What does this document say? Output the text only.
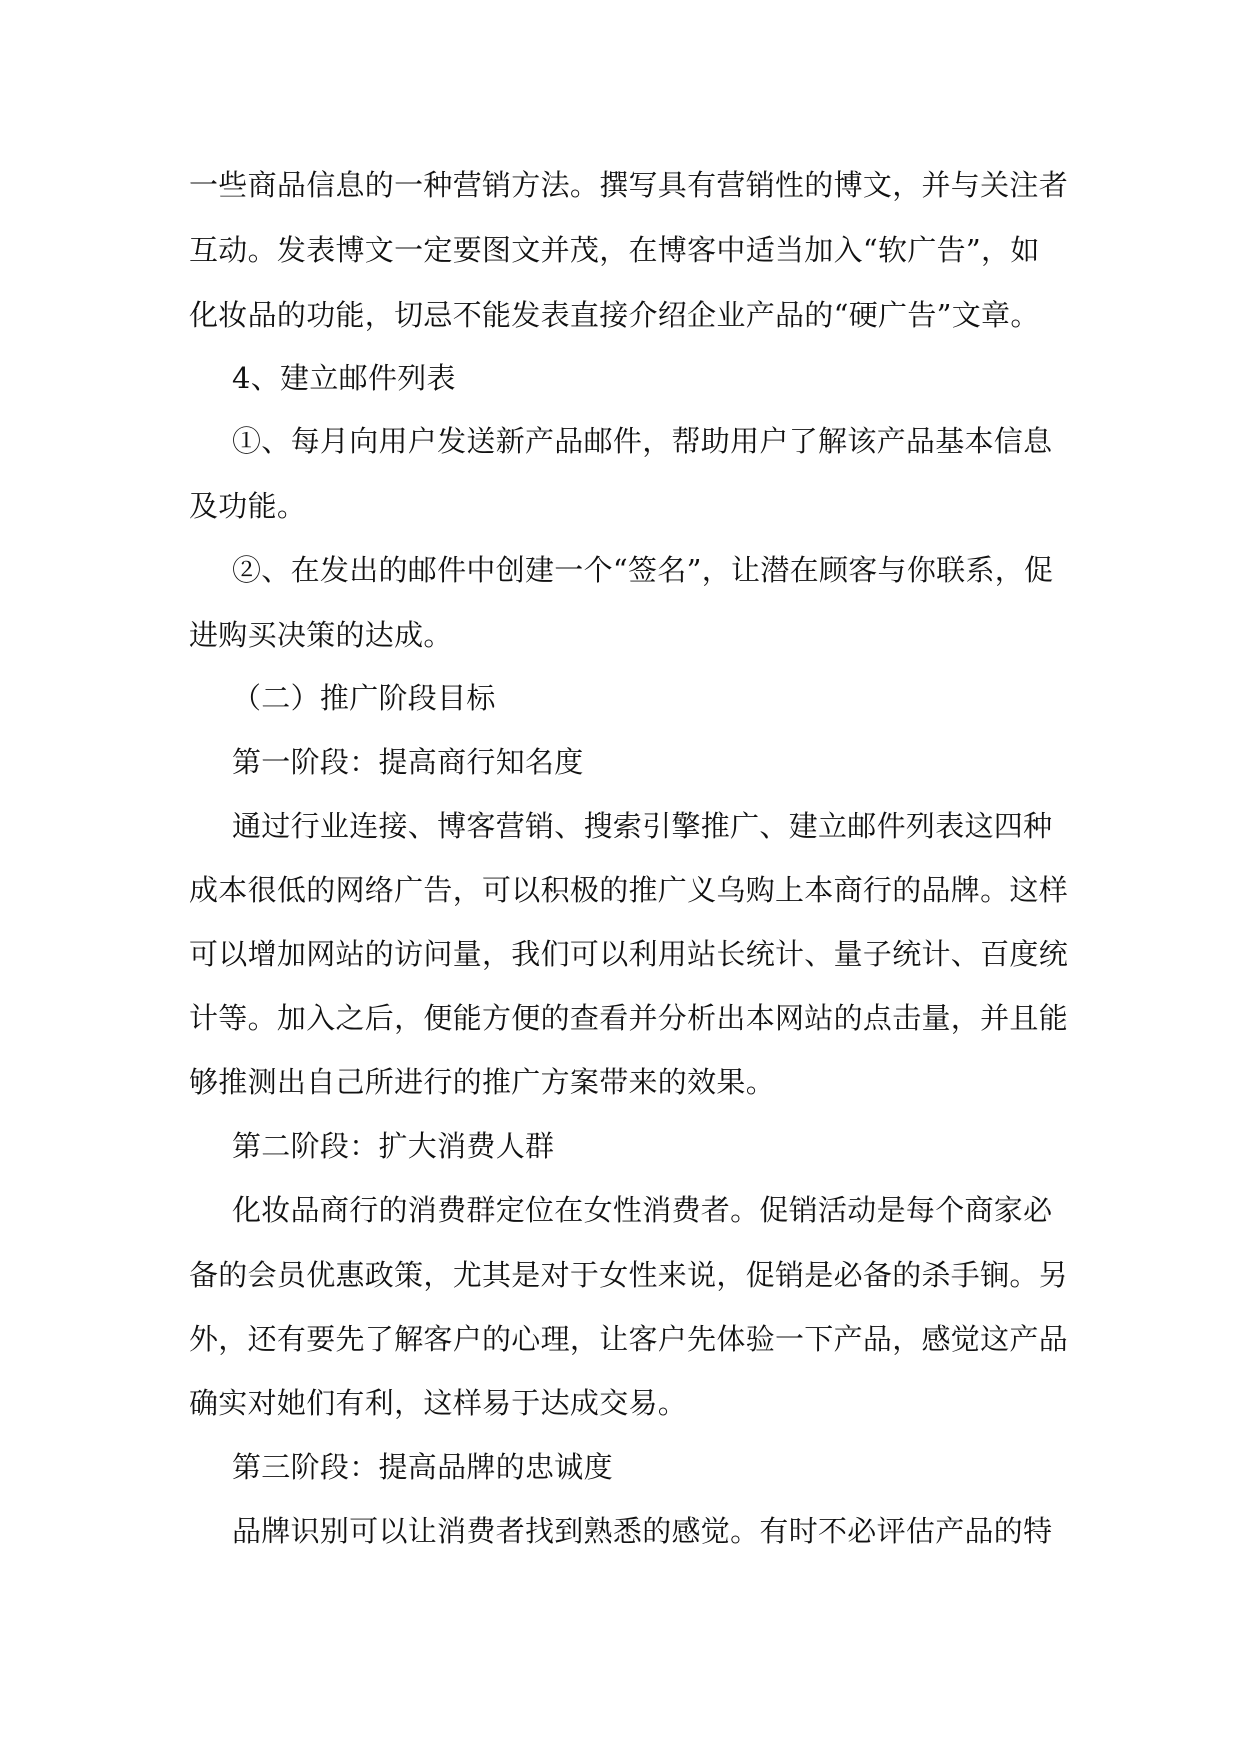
一些商品信息的一种营销方法。撰写具有营销性的博文，并与关注者
互动。发表博文一定要图文并茂，在博客中适当加入“软广告”，如
化妆品的功能，切忌不能发表直接介绍企业产品的“硬广告”文章。
4、建立邮件列表
①、每月向用户发送新产品邮件，帮助用户了解该产品基本信息
及功能。
②、在发出的邮件中创建一个“签名”，让潜在顾客与你联系，促
进购买决策的达成。
（二）推广阶段目标
第一阶段：提高商行知名度
通过行业连接、博客营销、搜索引擎推广、建立邮件列表这四种
成本很低的网络广告，可以积极的推广义乌购上本商行的品牌。这样
可以增加网站的访问量，我们可以利用站长统计、量子统计、百度统
计等。加入之后，便能方便的查看并分析出本网站的点击量，并且能
够推测出自己所进行的推广方案带来的效果。
第二阶段：扩大消费人群
化妆品商行的消费群定位在女性消费者。促销活动是每个商家必
备的会员优惠政策，尤其是对于女性来说，促销是必备的杀手锏。另
外，还有要先了解客户的心理，让客户先体验一下产品，感觉这产品
确实对她们有利，这样易于达成交易。
第三阶段：提高品牌的忠诚度
品牌识别可以让消费者找到熟悉的感觉。有时不必评估产品的特
